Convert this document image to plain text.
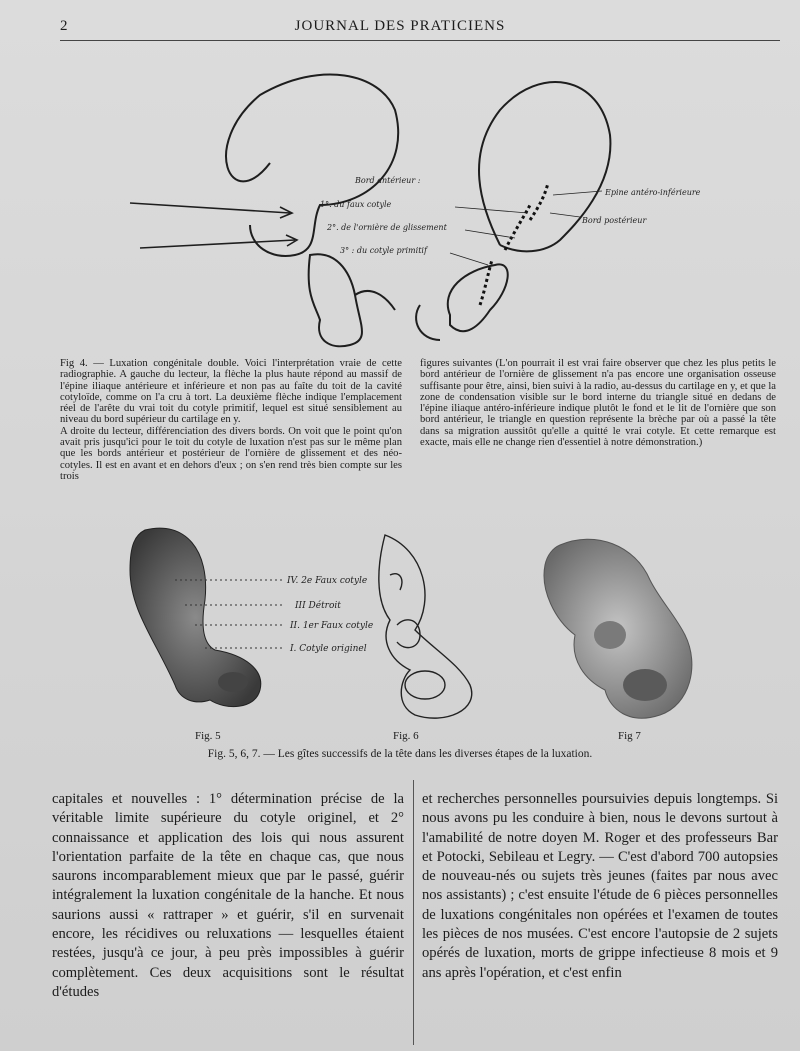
2	JOURNAL DES PRATICIENS
Bord antérieur :
1°. du faux cotyle
2°. de l'ornière de glissement
3° : du cotyle primitif
Epine antéro-inférieure
Bord postérieur

Fig 4. — Luxation congénitale double. Voici l'interprétation vraie de cette radiographie. A gauche du lecteur, la flèche la plus haute répond au massif de l'épine iliaque antérieure et inférieure et non pas au faîte du toit de la cavité cotyloïde, comme on l'a cru à tort. La deuxième flèche indique l'emplacement réel de l'arête du vrai toit du cotyle primitif, lequel est situé sensiblement au niveau du bord supérieur du cartilage en y.

A droite du lecteur, différenciation des divers bords. On voit que le point qu'on avait pris jusqu'ici pour le toit du cotyle de luxation n'est pas sur le même plan que les bords antérieur et postérieur de l'ornière de glissement et des néo-cotyles. Il est en avant et en dehors d'eux ; on s'en rend très bien compte sur les trois

figures suivantes (L'on pourrait il est vrai faire observer que chez les plus petits le bord antérieur de l'ornière de glissement n'a pas encore une organisation osseuse suffisante pour être, ainsi, bien suivi à la radio, au-dessus du cartilage en y, et que la zone de condensation visible sur le bord interne du triangle situé en dedans de l'épine iliaque antéro-inférieure indique plutôt le fond et le lit de l'ornière que son bord antérieur, le triangle en question représente la brèche par où a passé la tête dans sa migration aussitôt qu'elle a quitté le vrai cotyle. Et cette remarque est exacte, mais elle ne change rien d'essentiel à notre démonstration.)

IV. 2e Faux cotyle
III Détroit
II. 1er Faux cotyle
I. Cotyle originel
Fig. 5	Fig. 6	Fig 7
Fig. 5, 6, 7. — Les gîtes successifs de la tête dans les diverses étapes de la luxation.
capitales et nouvelles : 1° détermination précise de la véritable limite supérieure du cotyle originel, et 2° connaissance et application des lois qui nous assurent l'orientation parfaite de la tête en chaque cas, que nous saurons incomparablement mieux que par le passé, guérir intégralement la luxation congénitale de la hanche. Et nous saurions aussi « rattraper » et guérir, s'il en survenait encore, les récidives ou reluxations — lesquelles étaient restées, jusqu'à ce jour, à peu près impossibles à guérir complètement. Ces deux acquisitions sont le résultat d'études
et recherches personnelles poursuivies depuis longtemps. Si nous avons pu les conduire à bien, nous le devons surtout à l'amabilité de notre doyen M. Roger et des professeurs Bar et Potocki, Sebileau et Legry. — C'est d'abord 700 autopsies de nouveau-nés ou sujets très jeunes (faites par nous avec nos assistants) ; c'est ensuite l'étude de 6 pièces personnelles de luxations congénitales non opérées et l'examen de toutes les pièces de nos musées. C'est encore l'autopsie de 2 sujets opérés de luxation, morts de grippe infectieuse 8 mois et 9 ans après l'opération, et c'est enfin
